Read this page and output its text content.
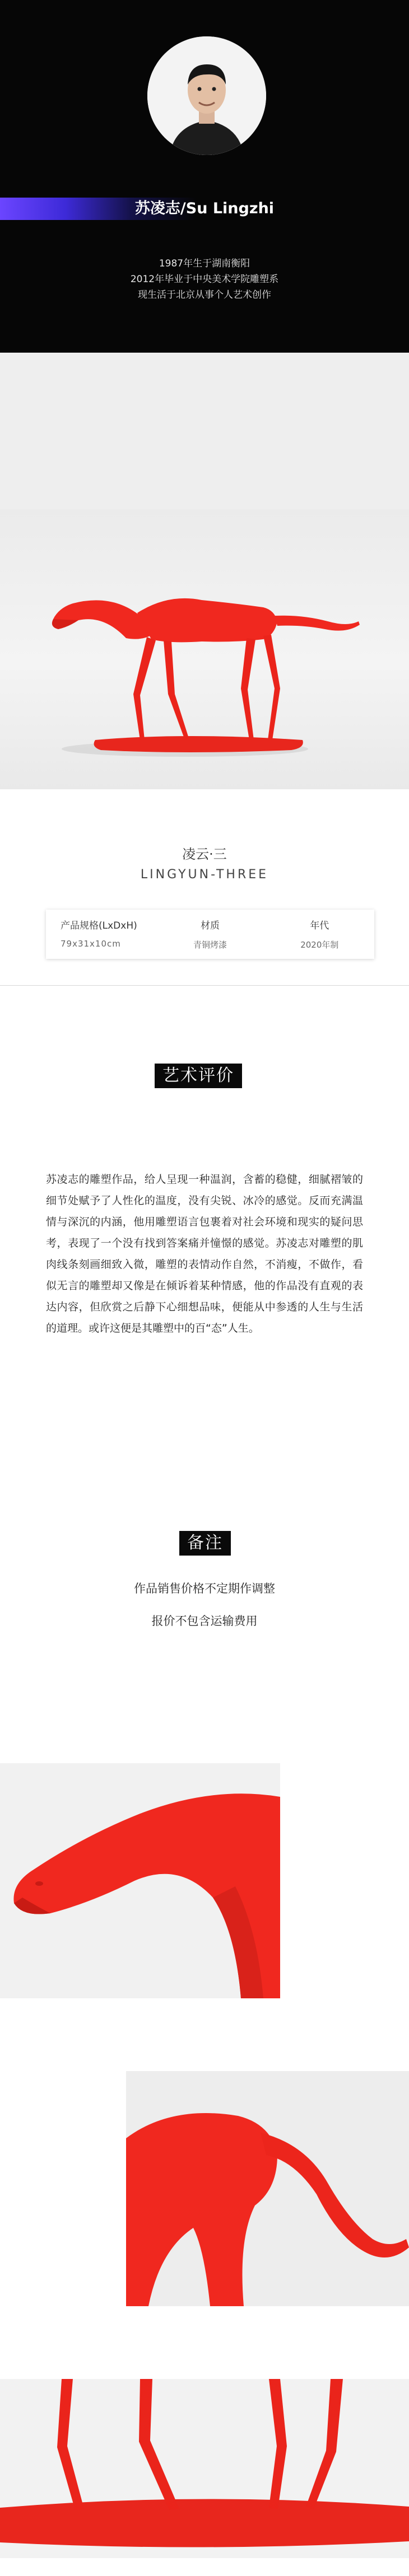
苏凌志/Su Lingzhi
1987年生于湖南衡阳
2012年毕业于中央美术学院雕塑系
现生活于北京从事个人艺术创作
凌云·三
LINGYUN-THREE
产品规格(LxDxH)
79x31x10cm
材质
青铜烤漆
年代
2020年制
艺术评价
苏凌志的雕塑作品，给人呈现一种温润，含蓄的稳健，细腻褶皱的细节处赋予了人性化的温度，没有尖锐、冰冷的感觉。反而充满温情与深沉的内涵，他用雕塑语言包裹着对社会环境和现实的疑问思考，表现了一个没有找到答案痛并憧憬的感觉。苏凌志对雕塑的肌肉线条刻画细致入微，雕塑的表情动作自然，不消瘦，不做作，看似无言的雕塑却又像是在倾诉着某种情感，他的作品没有直观的表达内容，但欣赏之后静下心细想品味，便能从中参透的人生与生活的道理。或许这便是其雕塑中的百“态”人生。
备注
作品销售价格不定期作调整
报价不包含运输费用
